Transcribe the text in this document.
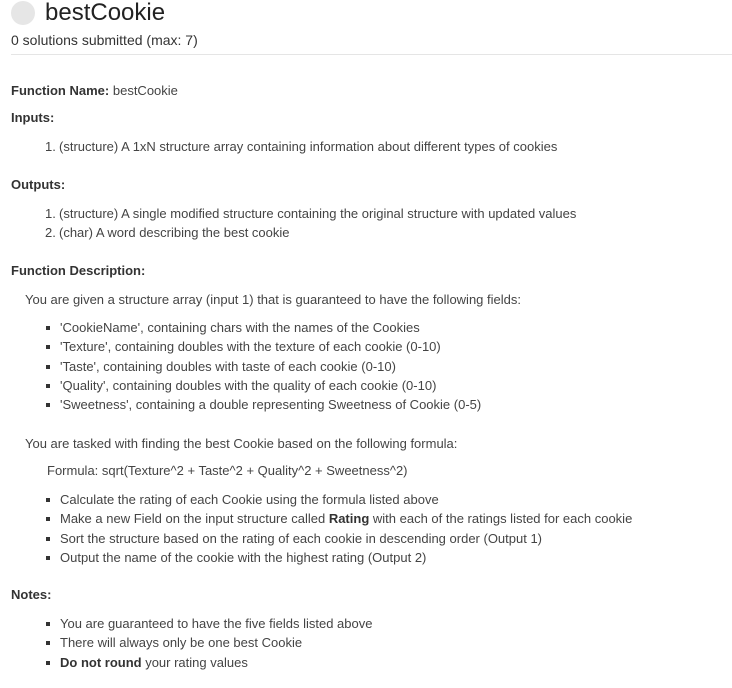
bestCookie
0 solutions submitted (max: 7)
Function Name: bestCookie
Inputs:
1. (structure) A 1xN structure array containing information about different types of cookies
Outputs:
1. (structure) A single modified structure containing the original structure with updated values
2. (char) A word describing the best cookie
Function Description:
You are given a structure array (input 1) that is guaranteed to have the following fields:
'CookieName', containing chars with the names of the Cookies
'Texture', containing doubles with the texture of each cookie (0-10)
'Taste', containing doubles with taste of each cookie (0-10)
'Quality', containing doubles with the quality of each cookie (0-10)
'Sweetness', containing a double representing Sweetness of Cookie (0-5)
You are tasked with finding the best Cookie based on the following formula:
Formula: sqrt(Texture^2 + Taste^2 + Quality^2 + Sweetness^2)
Calculate the rating of each Cookie using the formula listed above
Make a new Field on the input structure called Rating with each of the ratings listed for each cookie
Sort the structure based on the rating of each cookie in descending order (Output 1)
Output the name of the cookie with the highest rating (Output 2)
Notes:
You are guaranteed to have the five fields listed above
There will always only be one best Cookie
Do not round your rating values
